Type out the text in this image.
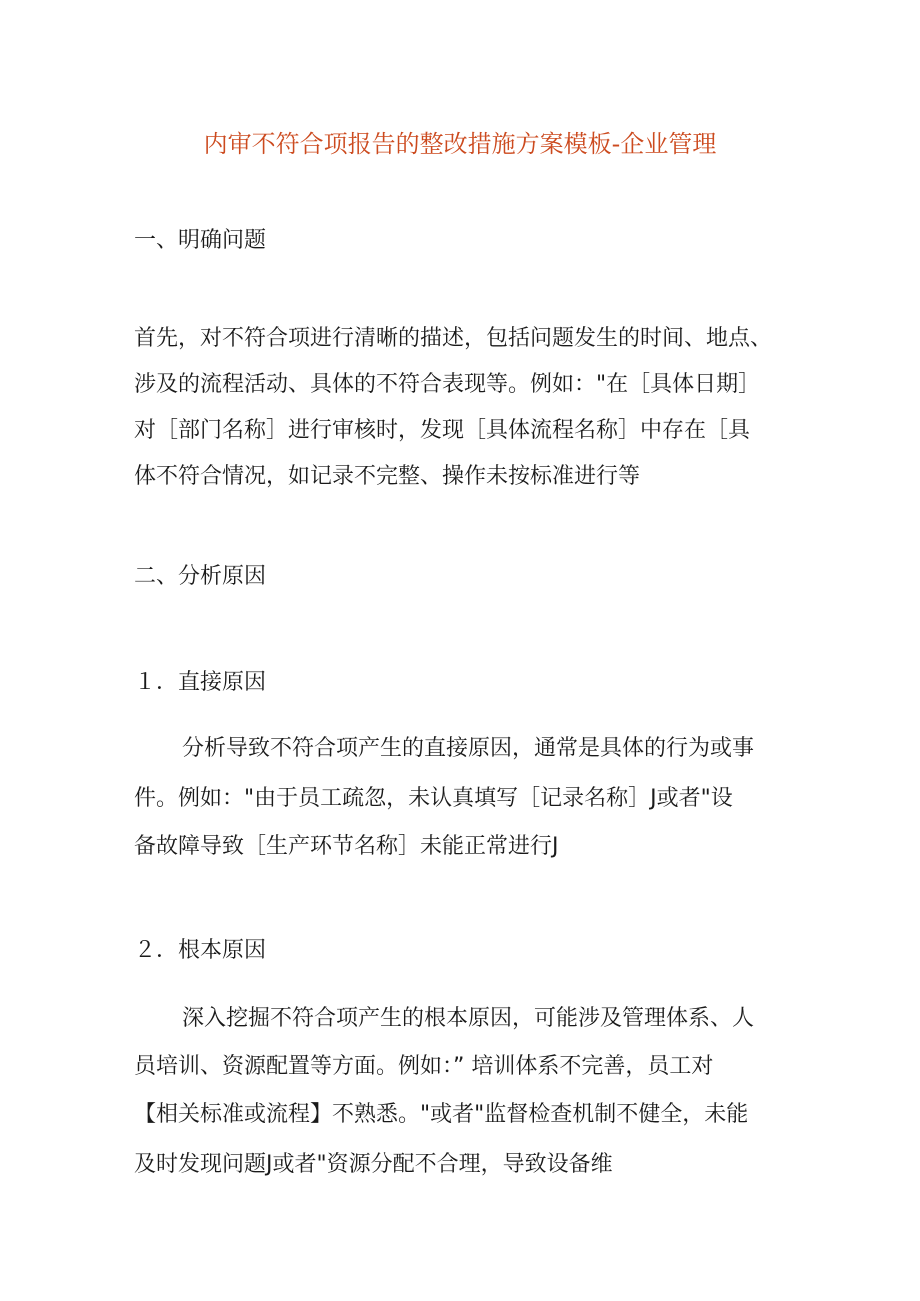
内审不符合项报告的整改措施方案模板-企业管理
一、明确问题
首先，对不符合项进行清晰的描述，包括问题发生的时间、地点、
涉及的流程活动、具体的不符合表现等。例如："在［具体日期］
对［部门名称］进行审核时，发现［具体流程名称］中存在［具
体不符合情况，如记录不完整、操作未按标准进行等
二、分析原因
１．直接原因
分析导致不符合项产生的直接原因，通常是具体的行为或事
件。例如："由于员工疏忽，未认真填写［记录名称］J或者"设
备故障导致［生产环节名称］未能正常进行J
２．根本原因
深入挖掘不符合项产生的根本原因，可能涉及管理体系、人
员培训、资源配置等方面。例如：” 培训体系不完善，员工对
【相关标准或流程】不熟悉。"或者"监督检查机制不健全，未能
及时发现问题J或者"资源分配不合理，导致设备维
